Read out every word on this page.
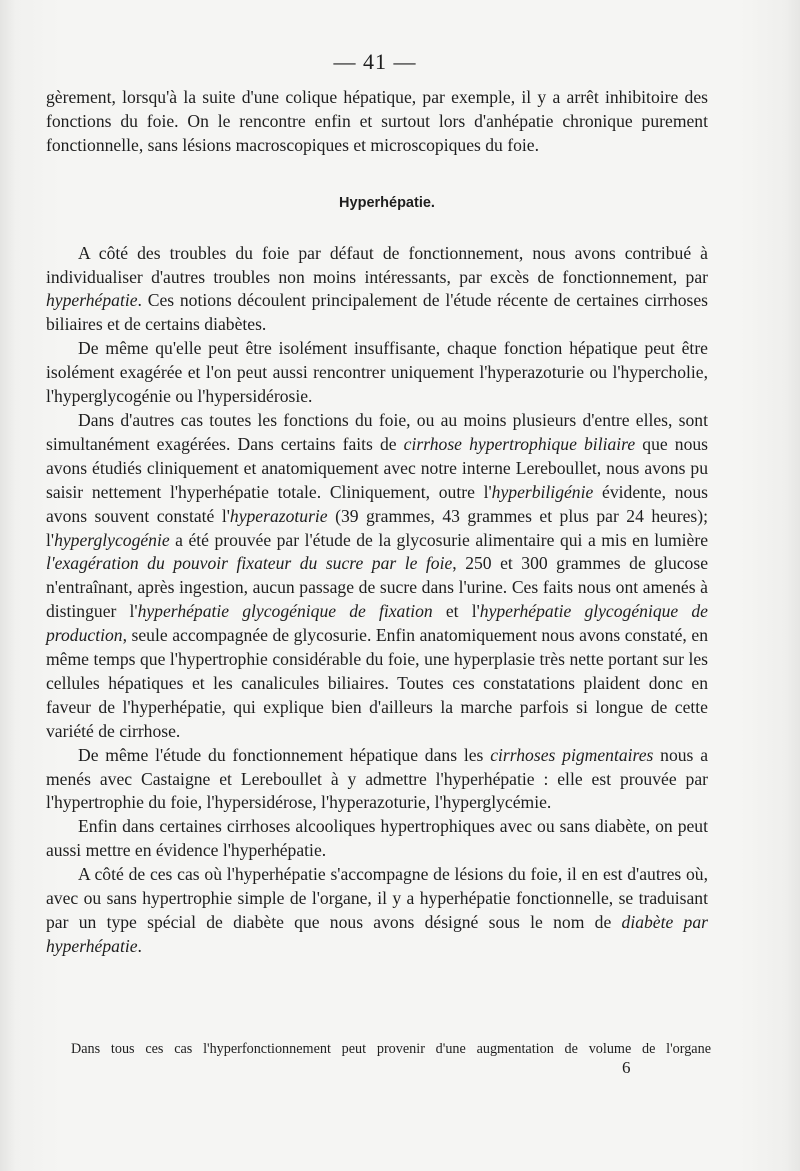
— 41 —

gèrement, lorsqu'à la suite d'une colique hépatique, par exemple, il y a arrêt inhibitoire des fonctions du foie. On le rencontre enfin et surtout lors d'anhépatie chronique purement fonctionnelle, sans lésions macroscopiques et microscopiques du foie.

Hyperhépatie.

A côté des troubles du foie par défaut de fonctionnement, nous avons contribué à individualiser d'autres troubles non moins intéressants, par excès de fonctionnement, par hyperhépatie. Ces notions découlent principalement de l'étude récente de certaines cirrhoses biliaires et de certains diabètes.

De même qu'elle peut être isolément insuffisante, chaque fonction hépatique peut être isolément exagérée et l'on peut aussi rencontrer uniquement l'hyperazoturie ou l'hypercholie, l'hyperglycogénie ou l'hypersidérosie.

Dans d'autres cas toutes les fonctions du foie, ou au moins plusieurs d'entre elles, sont simultanément exagérées. Dans certains faits de cirrhose hypertrophique biliaire que nous avons étudiés cliniquement et anatomiquement avec notre interne Lereboullet, nous avons pu saisir nettement l'hyperhépatie totale. Cliniquement, outre l'hyperbiligénie évidente, nous avons souvent constaté l'hyperazoturie (39 grammes, 43 grammes et plus par 24 heures); l'hyperglycogénie a été prouvée par l'étude de la glycosurie alimentaire qui a mis en lumière l'exagération du pouvoir fixateur du sucre par le foie, 250 et 300 grammes de glucose n'entraînant, après ingestion, aucun passage de sucre dans l'urine. Ces faits nous ont amenés à distinguer l'hyperhépatie glycogénique de fixation et l'hyperhépatie glycogénique de production, seule accompagnée de glycosurie. Enfin anatomiquement nous avons constaté, en même temps que l'hypertrophie considérable du foie, une hyperplasie très nette portant sur les cellules hépatiques et les canalicules biliaires. Toutes ces constatations plaident donc en faveur de l'hyperhépatie, qui explique bien d'ailleurs la marche parfois si longue de cette variété de cirrhose.

De même l'étude du fonctionnement hépatique dans les cirrhoses pigmentaires nous a menés avec Castaigne et Lereboullet à y admettre l'hyperhépatie : elle est prouvée par l'hypertrophie du foie, l'hypersidérose, l'hyperazoturie, l'hyperglycémie.

Enfin dans certaines cirrhoses alcooliques hypertrophiques avec ou sans diabète, on peut aussi mettre en évidence l'hyperhépatie.

A côté de ces cas où l'hyperhépatie s'accompagne de lésions du foie, il en est d'autres où, avec ou sans hypertrophie simple de l'organe, il y a hyperhépatie fonctionnelle, se traduisant par un type spécial de diabète que nous avons désigné sous le nom de diabète par hyperhépatie.

Dans tous ces cas l'hyperfonctionnement peut provenir d'une augmentation de volume de l'organe
6
